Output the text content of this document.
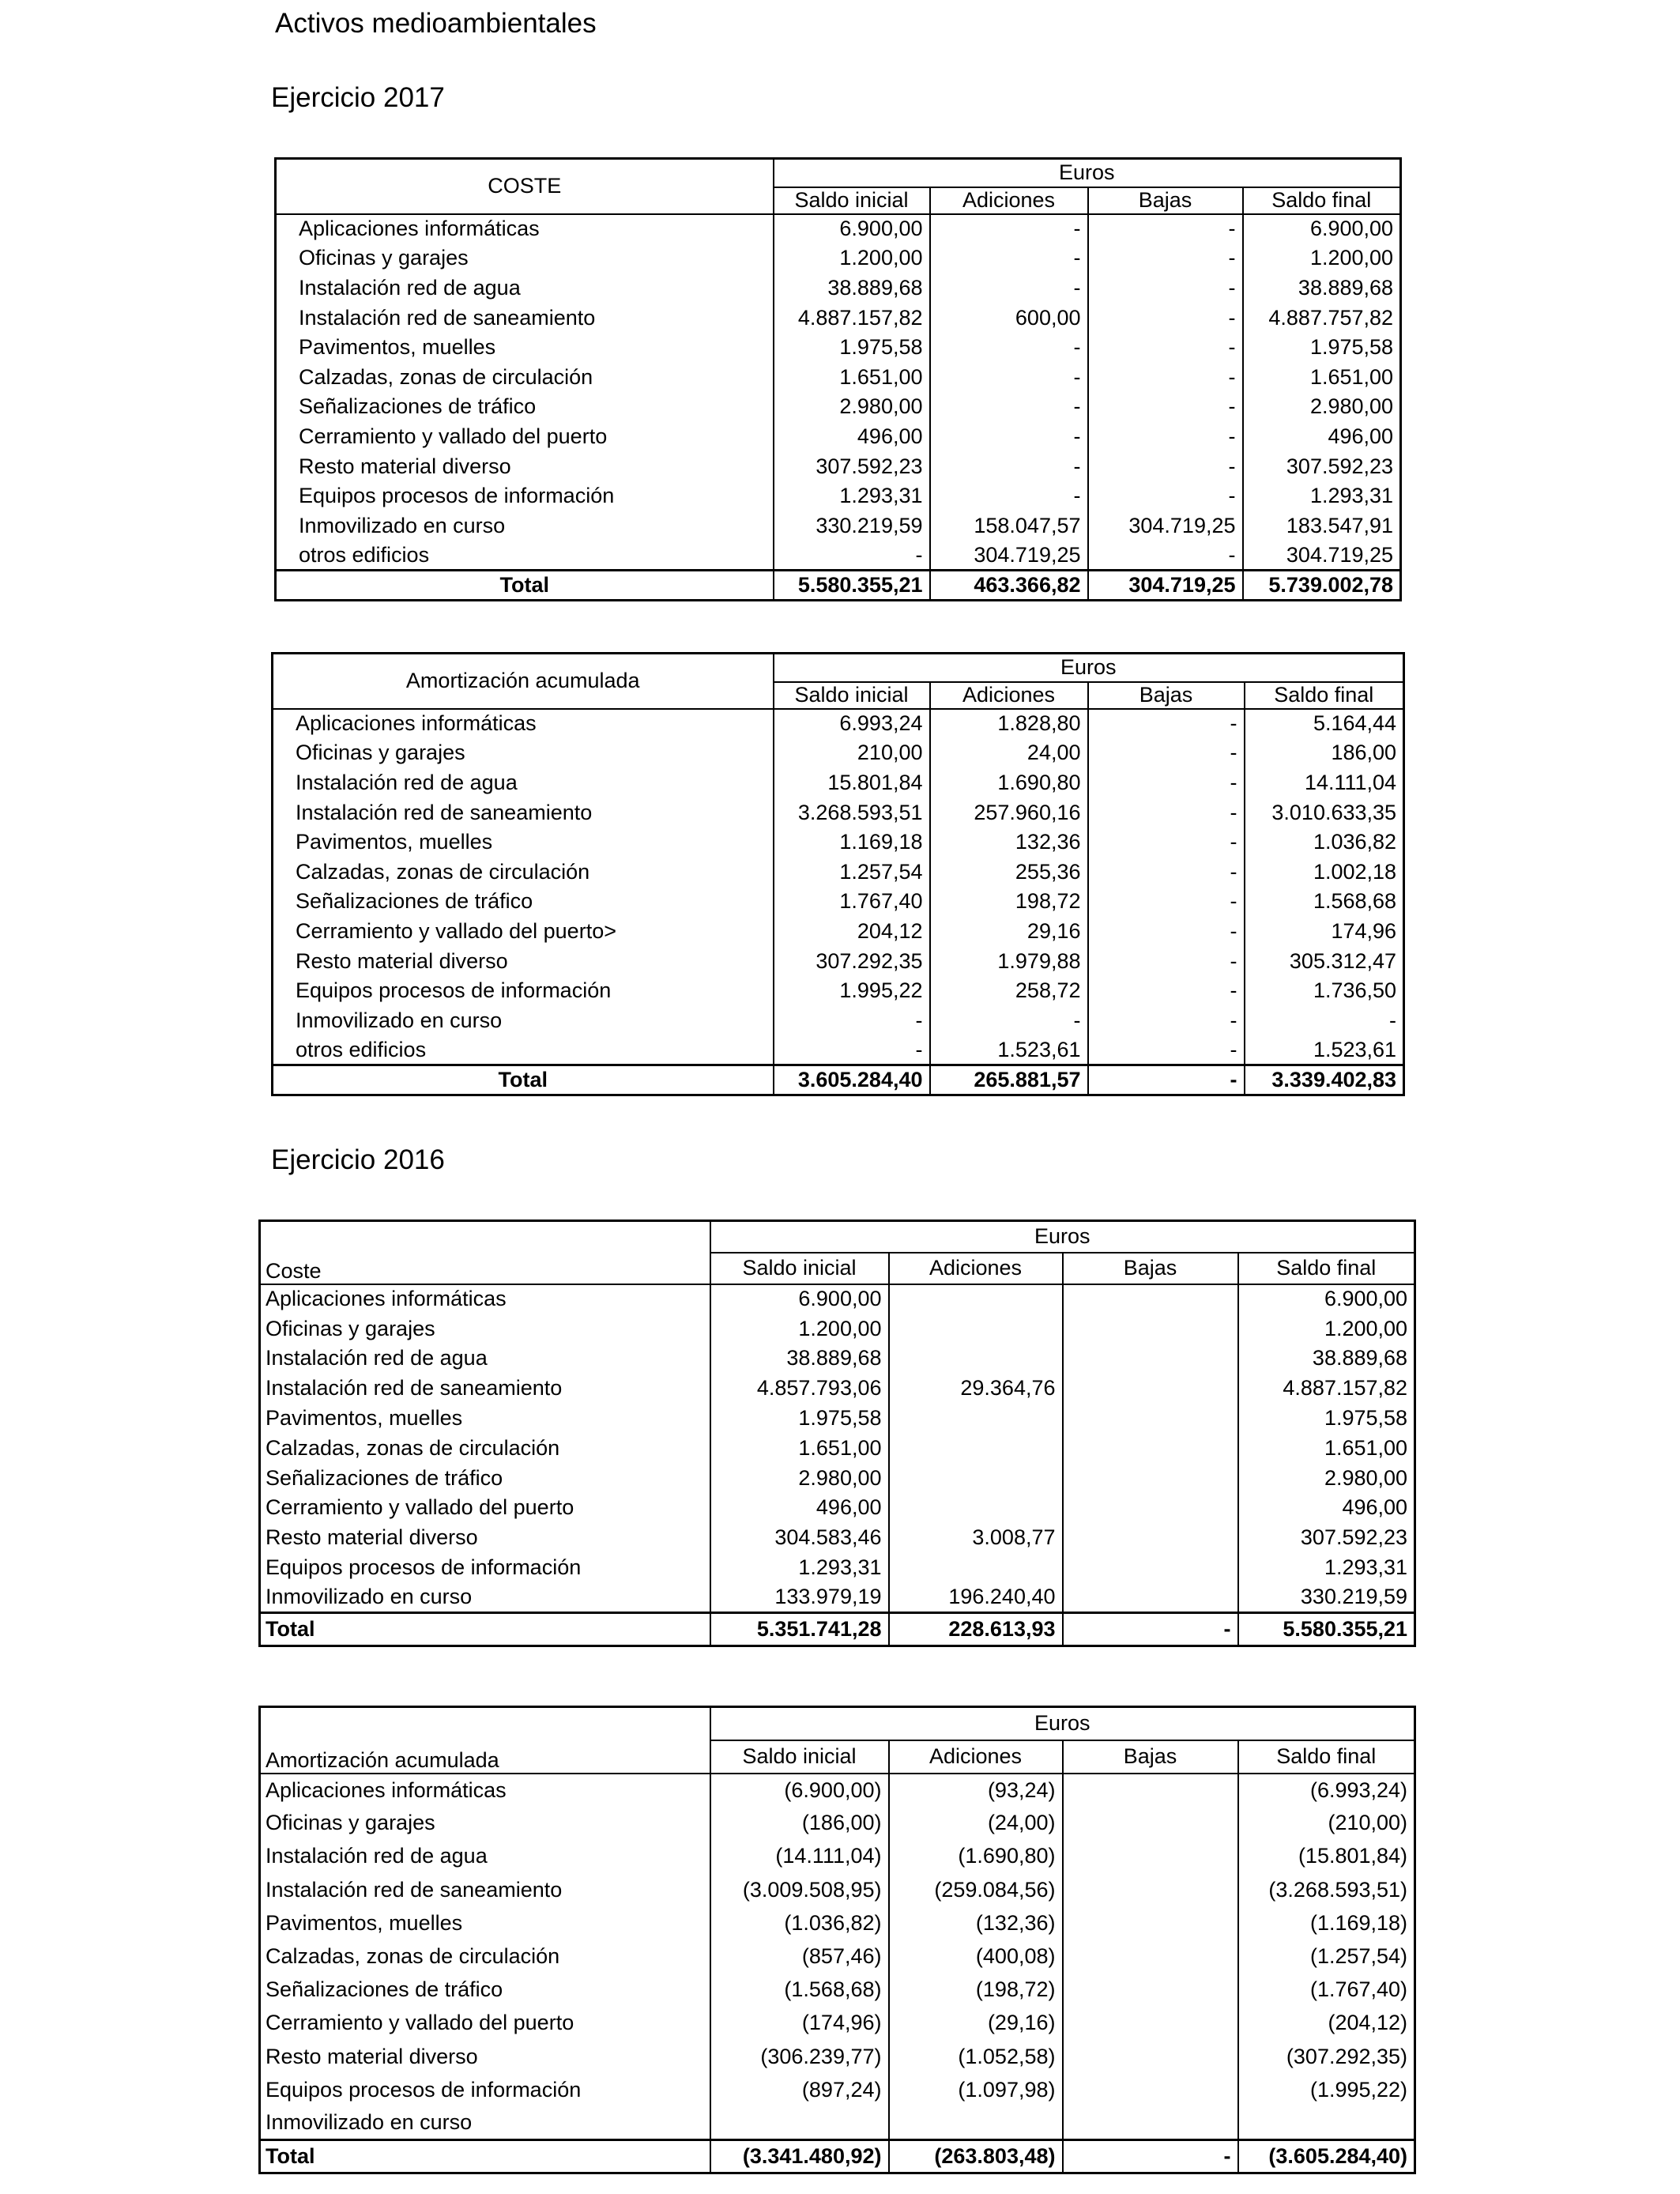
Activos medioambientales
Ejercicio 2017
COSTE	Euros			
	Saldo inicial	Adiciones	Bajas	Saldo final
Aplicaciones informáticas	6.900,00	-	-	6.900,00
Oficinas y garajes	1.200,00	-	-	1.200,00
Instalación red de agua	38.889,68	-	-	38.889,68
Instalación red de saneamiento	4.887.157,82	600,00	-	4.887.757,82
Pavimentos, muelles	1.975,58	-	-	1.975,58
Calzadas, zonas de circulación	1.651,00	-	-	1.651,00
Señalizaciones de tráfico	2.980,00	-	-	2.980,00
Cerramiento y vallado del puerto	496,00	-	-	496,00
Resto material diverso	307.592,23	-	-	307.592,23
Equipos procesos de información	1.293,31	-	-	1.293,31
Inmovilizado en curso	330.219,59	158.047,57	304.719,25	183.547,91
otros edificios	-	304.719,25	-	304.719,25
Total	5.580.355,21	463.366,82	304.719,25	5.739.002,78
Amortización acumulada	Euros			
	Saldo inicial	Adiciones	Bajas	Saldo final
Aplicaciones informáticas	6.993,24	1.828,80	-	5.164,44
Oficinas y garajes	210,00	24,00	-	186,00
Instalación red de agua	15.801,84	1.690,80	-	14.111,04
Instalación red de saneamiento	3.268.593,51	257.960,16	-	3.010.633,35
Pavimentos, muelles	1.169,18	132,36	-	1.036,82
Calzadas, zonas de circulación	1.257,54	255,36	-	1.002,18
Señalizaciones de tráfico	1.767,40	198,72	-	1.568,68
Cerramiento y vallado del puerto>	204,12	29,16	-	174,96
Resto material diverso	307.292,35	1.979,88	-	305.312,47
Equipos procesos de información	1.995,22	258,72	-	1.736,50
Inmovilizado en curso	-	-	-	-
otros edificios	-	1.523,61	-	1.523,61
Total	3.605.284,40	265.881,57	-	3.339.402,83
Ejercicio 2016
Coste	Euros			
	Saldo inicial	Adiciones	Bajas	Saldo final
Aplicaciones informáticas	6.900,00			6.900,00
Oficinas y garajes	1.200,00			1.200,00
Instalación red de agua	38.889,68			38.889,68
Instalación red de saneamiento	4.857.793,06	29.364,76		4.887.157,82
Pavimentos, muelles	1.975,58			1.975,58
Calzadas, zonas de circulación	1.651,00			1.651,00
Señalizaciones de tráfico	2.980,00			2.980,00
Cerramiento y vallado del puerto	496,00			496,00
Resto material diverso	304.583,46	3.008,77		307.592,23
Equipos procesos de información	1.293,31			1.293,31
Inmovilizado en curso	133.979,19	196.240,40		330.219,59
Total	5.351.741,28	228.613,93	-	5.580.355,21
Amortización acumulada	Euros			
	Saldo inicial	Adiciones	Bajas	Saldo final
Aplicaciones informáticas	(6.900,00)	(93,24)		(6.993,24)
Oficinas y garajes	(186,00)	(24,00)		(210,00)
Instalación red de agua	(14.111,04)	(1.690,80)		(15.801,84)
Instalación red de saneamiento	(3.009.508,95)	(259.084,56)		(3.268.593,51)
Pavimentos, muelles	(1.036,82)	(132,36)		(1.169,18)
Calzadas, zonas de circulación	(857,46)	(400,08)		(1.257,54)
Señalizaciones de tráfico	(1.568,68)	(198,72)		(1.767,40)
Cerramiento y vallado del puerto	(174,96)	(29,16)		(204,12)
Resto material diverso	(306.239,77)	(1.052,58)		(307.292,35)
Equipos procesos de información	(897,24)	(1.097,98)		(1.995,22)
Inmovilizado en curso				
Total	(3.341.480,92)	(263.803,48)	-	(3.605.284,40)
